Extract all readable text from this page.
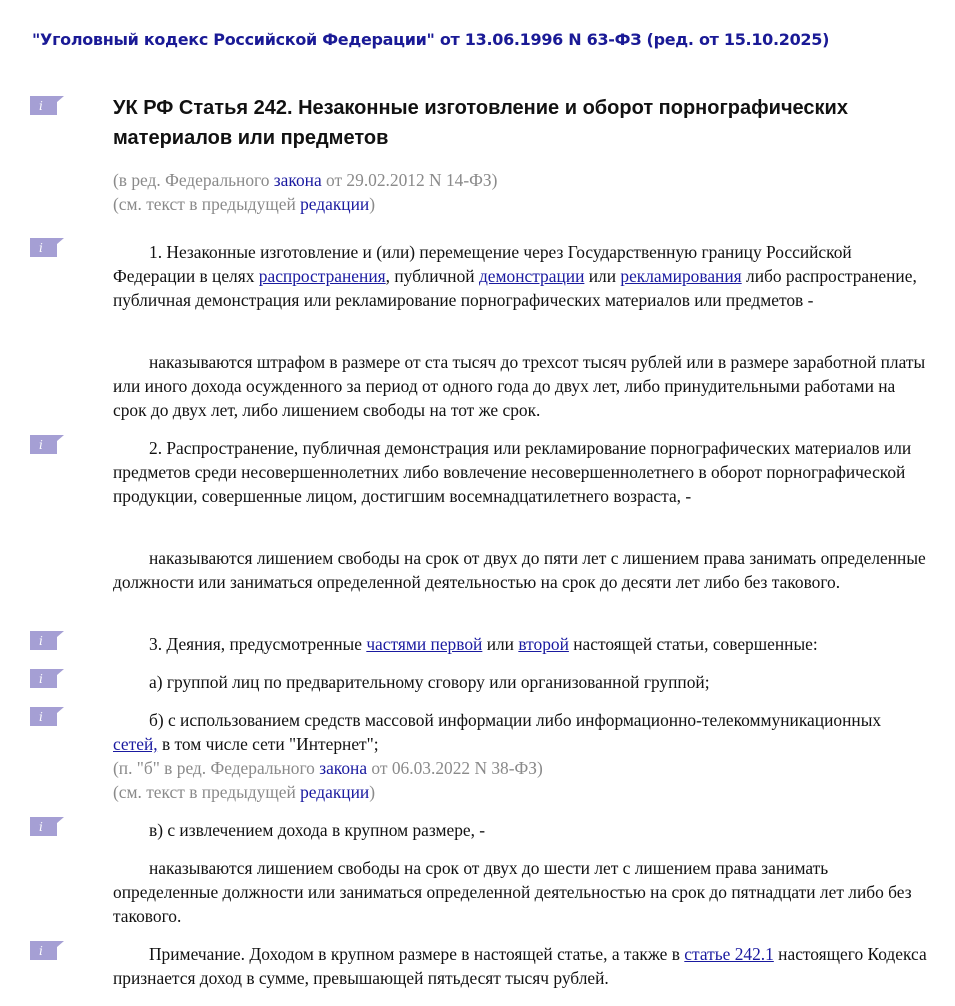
"Уголовный кодекс Российской Федерации" от 13.06.1996 N 63-ФЗ (ред. от 15.10.2025)
i	УК РФ Статья 242. Незаконные изготовление и оборот порнографических материалов или предметов
(в ред. Федерального закона от 29.02.2012 N 14-ФЗ)
(см. текст в предыдущей редакции)
i	1. Незаконные изготовление и (или) перемещение через Государственную границу Российской Федерации в целях распространения, публичной демонстрации или рекламирования либо распространение, публичная демонстрация или рекламирование порнографических материалов или предметов -
наказываются штрафом в размере от ста тысяч до трехсот тысяч рублей или в размере заработной платы или иного дохода осужденного за период от одного года до двух лет, либо принудительными работами на срок до двух лет, либо лишением свободы на тот же срок.
i	2. Распространение, публичная демонстрация или рекламирование порнографических материалов или предметов среди несовершеннолетних либо вовлечение несовершеннолетнего в оборот порнографической продукции, совершенные лицом, достигшим восемнадцатилетнего возраста, -
наказываются лишением свободы на срок от двух до пяти лет с лишением права занимать определенные должности или заниматься определенной деятельностью на срок до десяти лет либо без такового.
i	3. Деяния, предусмотренные частями первой или второй настоящей статьи, совершенные:
i	а) группой лиц по предварительному сговору или организованной группой;
i	б) с использованием средств массовой информации либо информационно-телекоммуникационных сетей, в том числе сети "Интернет";
(п. "б" в ред. Федерального закона от 06.03.2022 N 38-ФЗ)
(см. текст в предыдущей редакции)
i	в) с извлечением дохода в крупном размере, -
наказываются лишением свободы на срок от двух до шести лет с лишением права занимать определенные должности или заниматься определенной деятельностью на срок до пятнадцати лет либо без такового.
i	Примечание. Доходом в крупном размере в настоящей статье, а также в статье 242.1 настоящего Кодекса признается доход в сумме, превышающей пятьдесят тысяч рублей.
